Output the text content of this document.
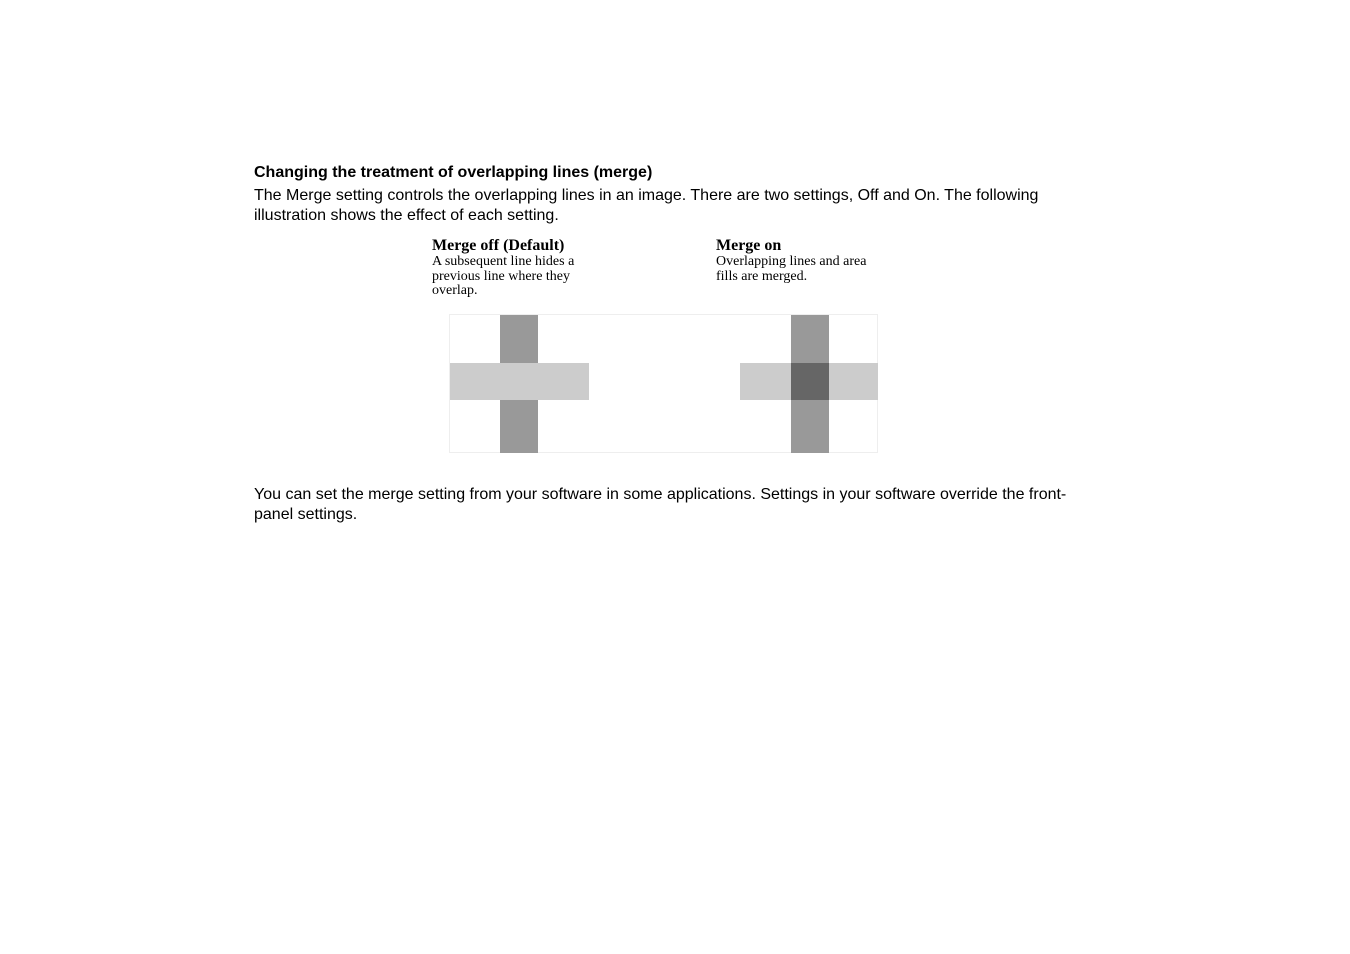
Changing the treatment of overlapping lines (merge)
The Merge setting controls the overlapping lines in an image. There are two settings, Off and On. The following illustration shows the effect of each setting.
Merge off (Default)
A subsequent line hides a previous line where they overlap.
Merge on
Overlapping lines and area fills are merged.
You can set the merge setting from your software in some applications. Settings in your software override the front-panel settings.
